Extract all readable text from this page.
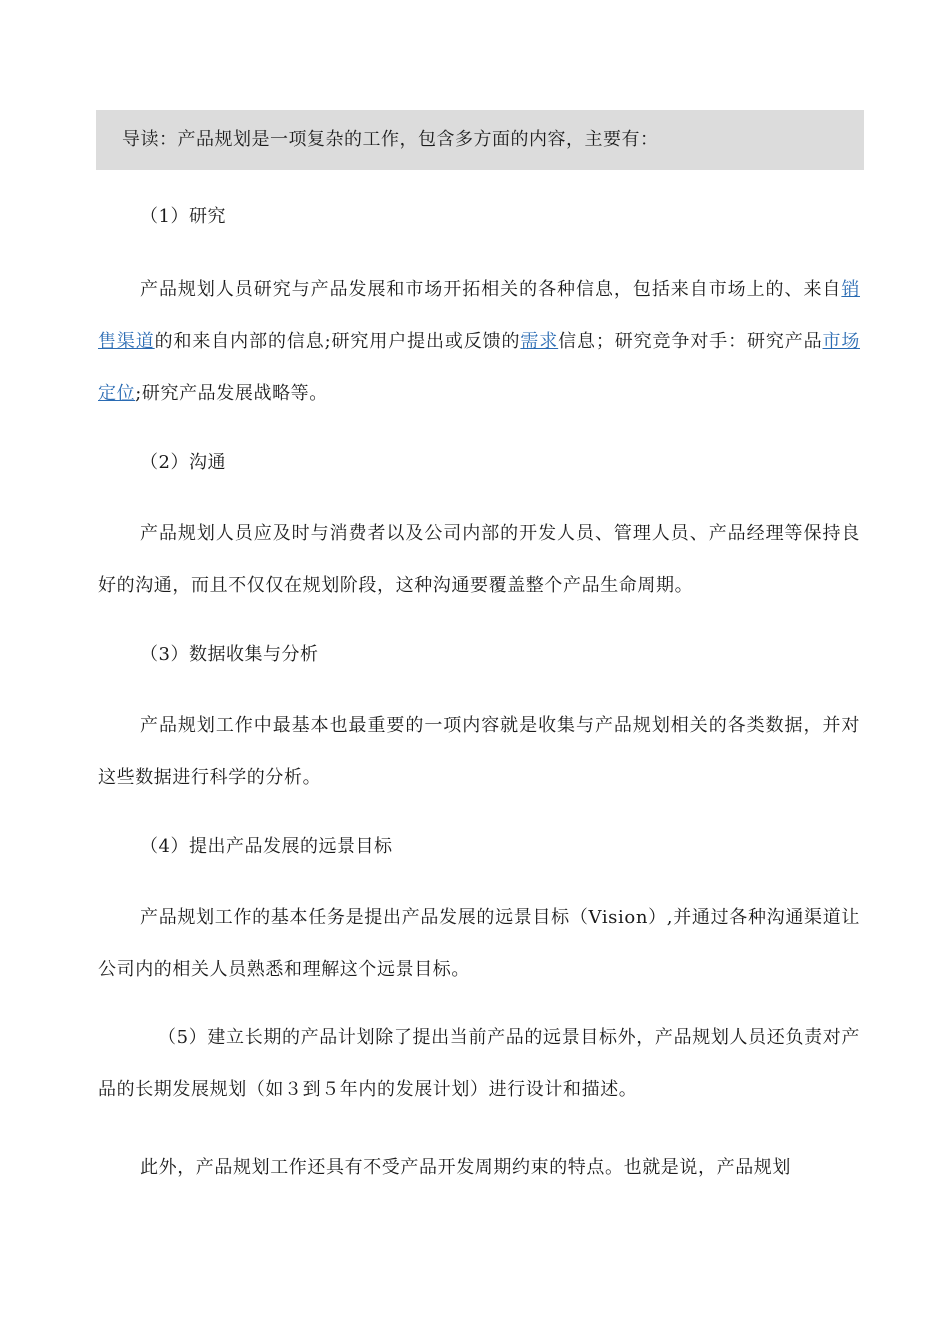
导读：产品规划是一项复杂的工作，包含多方面的内容，主要有：
（1）研究

产品规划人员研究与产品发展和市场开拓相关的各种信息，包括来自市场上的、来自销售渠道的和来自内部的信息;研究用户提出或反馈的需求信息；研究竞争对手：研究产品市场定位;研究产品发展战略等。

（2）沟通

产品规划人员应及时与消费者以及公司内部的开发人员、管理人员、产品经理等保持良好的沟通，而且不仅仅在规划阶段，这种沟通要覆盖整个产品生命周期。

（3）数据收集与分析

产品规划工作中最基本也最重要的一项内容就是收集与产品规划相关的各类数据，并对这些数据进行科学的分析。

（4）提出产品发展的远景目标

产品规划工作的基本任务是提出产品发展的远景目标（Vision）,并通过各种沟通渠道让公司内的相关人员熟悉和理解这个远景目标。

（5）建立长期的产品计划除了提出当前产品的远景目标外，产品规划人员还负责对产品的长期发展规划（如３到５年内的发展计划）进行设计和描述。

此外，产品规划工作还具有不受产品开发周期约束的特点。也就是说，产品规划
